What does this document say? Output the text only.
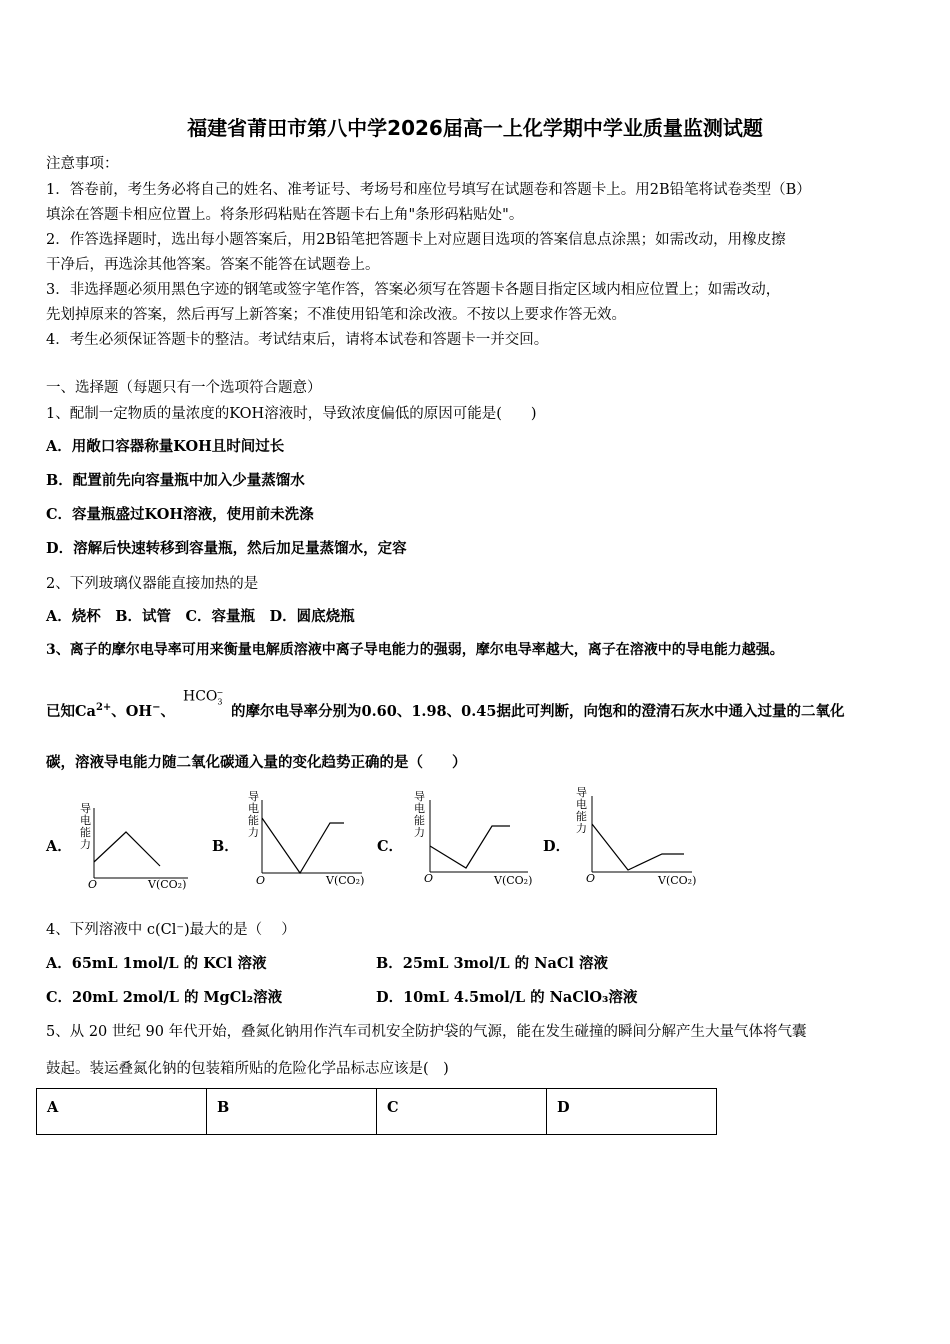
福建省莆田市第八中学2026届高一上化学期中学业质量监测试题
注意事项：
1．答卷前，考生务必将自己的姓名、准考证号、考场号和座位号填写在试题卷和答题卡上。用2B铅笔将试卷类型（B）
填涂在答题卡相应位置上。将条形码粘贴在答题卡右上角"条形码粘贴处"。
2．作答选择题时，选出每小题答案后，用2B铅笔把答题卡上对应题目选项的答案信息点涂黑；如需改动，用橡皮擦
干净后，再选涂其他答案。答案不能答在试题卷上。
3．非选择题必须用黑色字迹的钢笔或签字笔作答，答案必须写在答题卡各题目指定区域内相应位置上；如需改动，
先划掉原来的答案，然后再写上新答案；不准使用铅笔和涂改液。不按以上要求作答无效。
4．考生必须保证答题卡的整洁。考试结束后，请将本试卷和答题卡一并交回。
一、选择题（每题只有一个选项符合题意）
1、配制一定物质的量浓度的KOH溶液时，导致浓度偏低的原因可能是(　　)
A．用敞口容器称量KOH且时间过长
B．配置前先向容量瓶中加入少量蒸馏水
C．容量瓶盛过KOH溶液，使用前未洗涤
D．溶解后快速转移到容量瓶，然后加足量蒸馏水，定容
2、下列玻璃仪器能直接加热的是
A．烧杯　B．试管　C．容量瓶　D．圆底烧瓶
3、离子的摩尔电导率可用来衡量电解质溶液中离子导电能力的强弱，摩尔电导率越大，离子在溶液中的导电能力越强。
已知$Ca^{2+}$、OH−、
$HCO_3^-$
的摩尔电导率分别为0.60、1.98、0.45据此可判断，向饱和的澄清石灰水中通入过量的二氧化
碳，溶液导电能力随二氧化碳通入量的变化趋势正确的是（　　）
A．
导
电
能
力
O	V(CO₂)
B．
导
电
能
力
O	V(CO₂)
C．
导
电
能
力
O	V(CO₂)
D．
导
电
能
力
O	V(CO₂)
4、下列溶液中 c(Cl⁻)最大的是（　 ）
A．65mL 1mol/L 的 KCl 溶液	B．25mL 3mol/L 的 NaCl 溶液
C．20mL 2mol/L 的 MgCl₂溶液	D．10mL 4.5mol/L 的 NaClO₃溶液
5、从 20 世纪 90 年代开始，叠氮化钠用作汽车司机安全防护袋的气源，能在发生碰撞的瞬间分解产生大量气体将气囊
鼓起。装运叠氮化钠的包装箱所贴的危险化学品标志应该是(　)
A	B	C	D
